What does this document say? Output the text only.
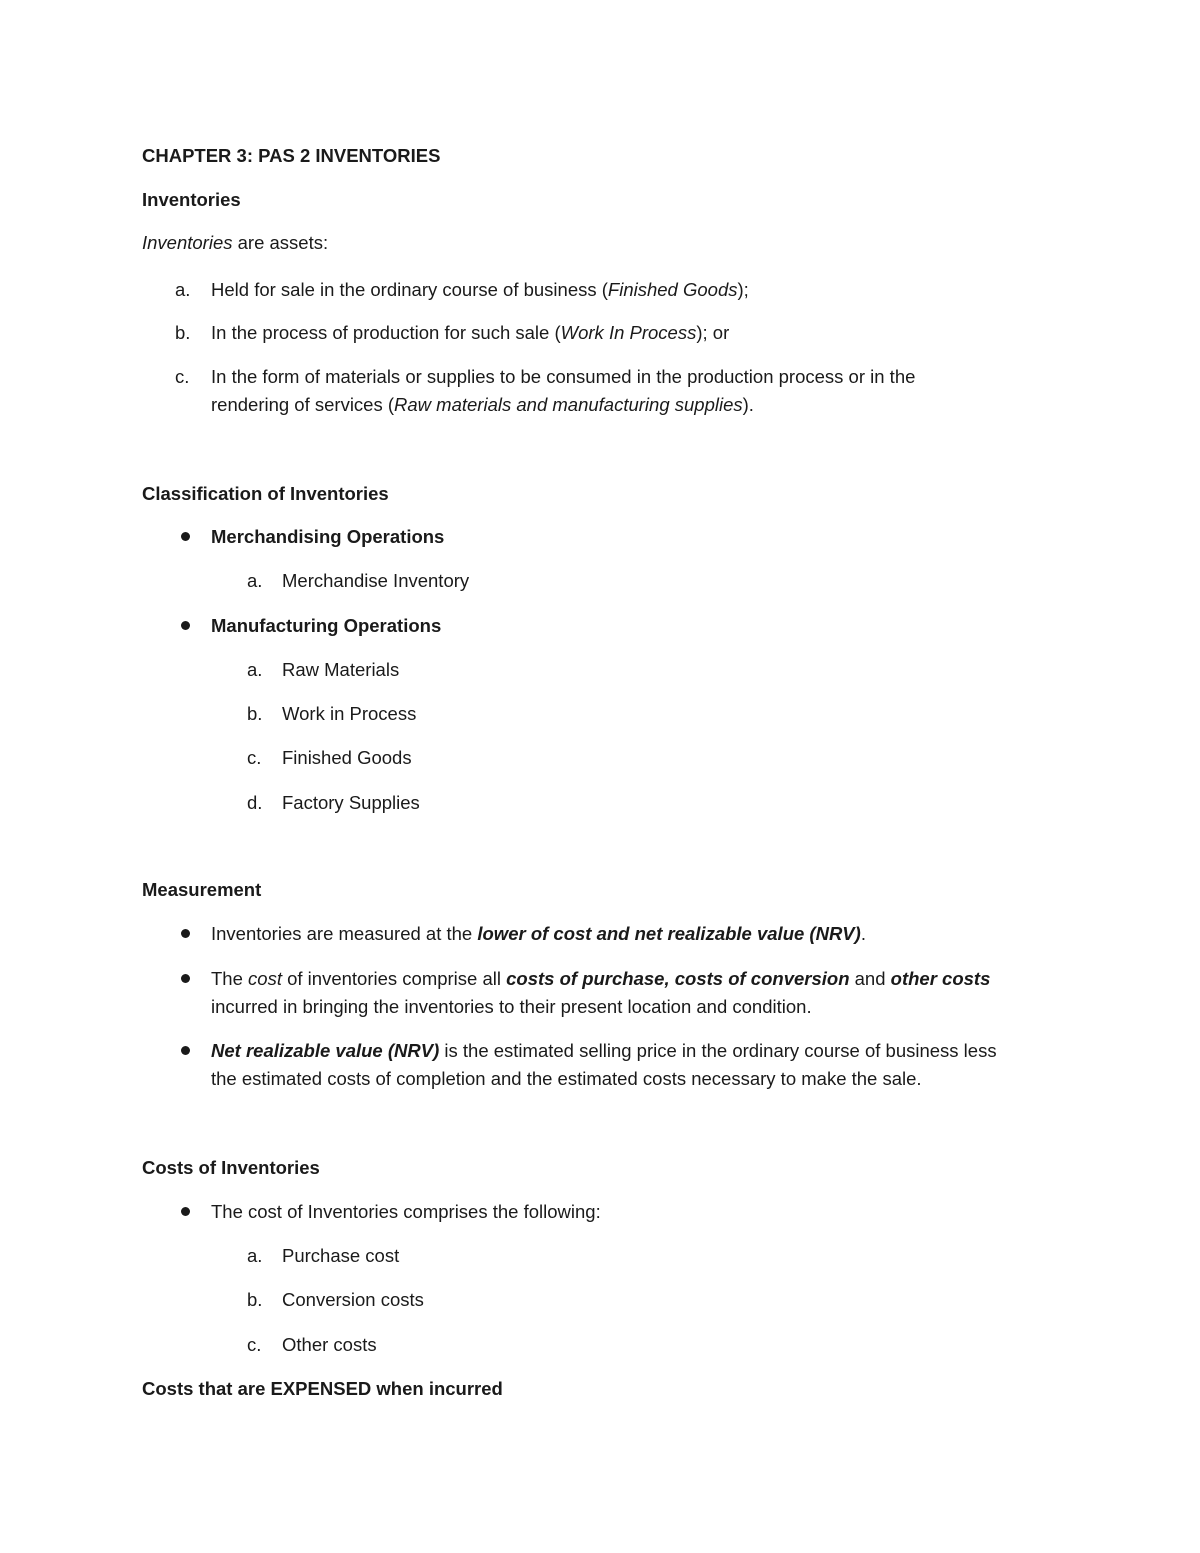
CHAPTER 3: PAS 2 INVENTORIES
Inventories
Inventories are assets:
a. Held for sale in the ordinary course of business (Finished Goods);
b. In the process of production for such sale (Work In Process); or
c. In the form of materials or supplies to be consumed in the production process or in the
rendering of services (Raw materials and manufacturing supplies).
Classification of Inventories
Merchandising Operations
a. Merchandise Inventory
Manufacturing Operations
a. Raw Materials
b. Work in Process
c. Finished Goods
d. Factory Supplies
Measurement
Inventories are measured at the lower of cost and net realizable value (NRV).
The cost of inventories comprise all costs of purchase, costs of conversion and other costs
incurred in bringing the inventories to their present location and condition.
Net realizable value (NRV) is the estimated selling price in the ordinary course of business less
the estimated costs of completion and the estimated costs necessary to make the sale.
Costs of Inventories
The cost of Inventories comprises the following:
a. Purchase cost
b. Conversion costs
c. Other costs
Costs that are EXPENSED when incurred
